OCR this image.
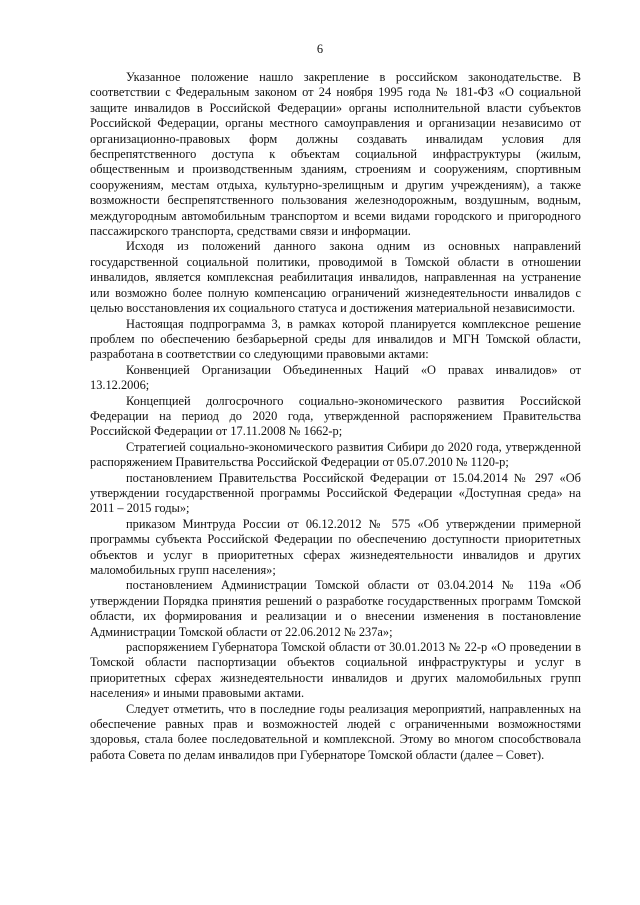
6

Указанное положение нашло закрепление в российском законодательстве. В соответствии с Федеральным законом от 24 ноября 1995 года № 181-ФЗ «О социальной защите инвалидов в Российской Федерации» органы исполнительной власти субъектов Российской Федерации, органы местного самоуправления и организации независимо от организационно-правовых форм должны создавать инвалидам условия для беспрепятственного доступа к объектам социальной инфраструктуры (жилым, общественным и производственным зданиям, строениям и сооружениям, спортивным сооружениям, местам отдыха, культурно-зрелищным и другим учреждениям), а также возможности беспрепятственного пользования железнодорожным, воздушным, водным, междугородным автомобильным транспортом и всеми видами городского и пригородного пассажирского транспорта, средствами связи и информации.

Исходя из положений данного закона одним из основных направлений государственной социальной политики, проводимой в Томской области в отношении инвалидов, является комплексная реабилитация инвалидов, направленная на устранение или возможно более полную компенсацию ограничений жизнедеятельности инвалидов с целью восстановления их социального статуса и достижения материальной независимости.

Настоящая подпрограмма 3, в рамках которой планируется комплексное решение проблем по обеспечению безбарьерной среды для инвалидов и МГН Томской области, разработана в соответствии со следующими правовыми актами:

Конвенцией Организации Объединенных Наций «О правах инвалидов» от 13.12.2006;

Концепцией долгосрочного социально-экономического развития Российской Федерации на период до 2020 года, утвержденной распоряжением Правительства Российской Федерации от 17.11.2008 № 1662-р;

Стратегией социально-экономического развития Сибири до 2020 года, утвержденной распоряжением Правительства Российской Федерации от 05.07.2010 № 1120-р;

постановлением Правительства Российской Федерации от 15.04.2014 № 297 «Об утверждении государственной программы Российской Федерации «Доступная среда» на 2011 – 2015 годы»;

приказом Минтруда России от 06.12.2012 № 575 «Об утверждении примерной программы субъекта Российской Федерации по обеспечению доступности приоритетных объектов и услуг в приоритетных сферах жизнедеятельности инвалидов и других маломобильных групп населения»;

постановлением Администрации Томской области от 03.04.2014 № 119а «Об утверждении Порядка принятия решений о разработке государственных программ Томской области, их формирования и реализации и о внесении изменения в постановление Администрации Томской области от 22.06.2012 № 237а»;

распоряжением Губернатора Томской области от 30.01.2013 № 22-р «О проведении в Томской области паспортизации объектов социальной инфраструктуры и услуг в приоритетных сферах жизнедеятельности инвалидов и других маломобильных групп населения» и иными правовыми актами.

Следует отметить, что в последние годы реализация мероприятий, направленных на обеспечение равных прав и возможностей людей с ограниченными возможностями здоровья, стала более последовательной и комплексной. Этому во многом способствовала работа Совета по делам инвалидов при Губернаторе Томской области (далее – Совет).
